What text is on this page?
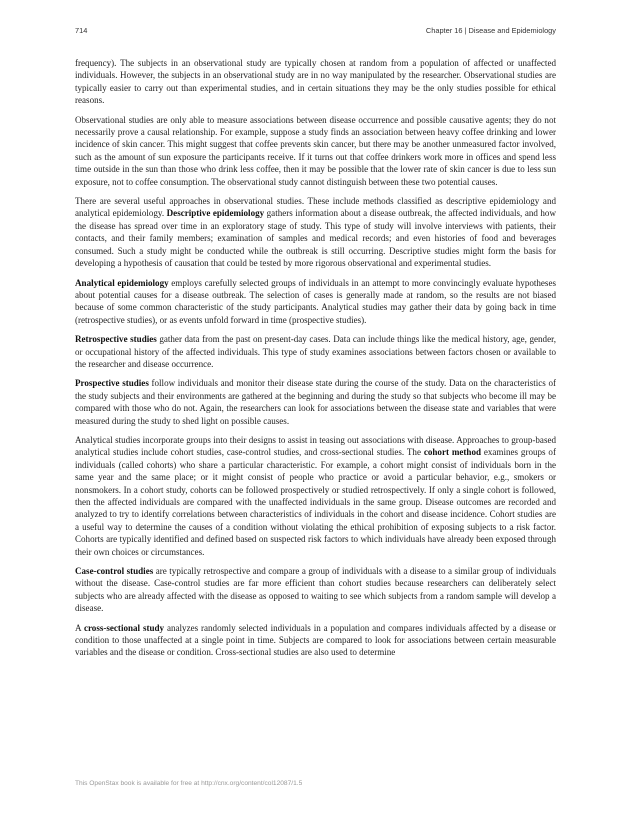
714	Chapter 16 | Disease and Epidemiology

frequency). The subjects in an observational study are typically chosen at random from a population of affected or unaffected individuals. However, the subjects in an observational study are in no way manipulated by the researcher. Observational studies are typically easier to carry out than experimental studies, and in certain situations they may be the only studies possible for ethical reasons.

Observational studies are only able to measure associations between disease occurrence and possible causative agents; they do not necessarily prove a causal relationship. For example, suppose a study finds an association between heavy coffee drinking and lower incidence of skin cancer. This might suggest that coffee prevents skin cancer, but there may be another unmeasured factor involved, such as the amount of sun exposure the participants receive. If it turns out that coffee drinkers work more in offices and spend less time outside in the sun than those who drink less coffee, then it may be possible that the lower rate of skin cancer is due to less sun exposure, not to coffee consumption. The observational study cannot distinguish between these two potential causes.

There are several useful approaches in observational studies. These include methods classified as descriptive epidemiology and analytical epidemiology. Descriptive epidemiology gathers information about a disease outbreak, the affected individuals, and how the disease has spread over time in an exploratory stage of study. This type of study will involve interviews with patients, their contacts, and their family members; examination of samples and medical records; and even histories of food and beverages consumed. Such a study might be conducted while the outbreak is still occurring. Descriptive studies might form the basis for developing a hypothesis of causation that could be tested by more rigorous observational and experimental studies.

Analytical epidemiology employs carefully selected groups of individuals in an attempt to more convincingly evaluate hypotheses about potential causes for a disease outbreak. The selection of cases is generally made at random, so the results are not biased because of some common characteristic of the study participants. Analytical studies may gather their data by going back in time (retrospective studies), or as events unfold forward in time (prospective studies).

Retrospective studies gather data from the past on present-day cases. Data can include things like the medical history, age, gender, or occupational history of the affected individuals. This type of study examines associations between factors chosen or available to the researcher and disease occurrence.

Prospective studies follow individuals and monitor their disease state during the course of the study. Data on the characteristics of the study subjects and their environments are gathered at the beginning and during the study so that subjects who become ill may be compared with those who do not. Again, the researchers can look for associations between the disease state and variables that were measured during the study to shed light on possible causes.

Analytical studies incorporate groups into their designs to assist in teasing out associations with disease. Approaches to group-based analytical studies include cohort studies, case-control studies, and cross-sectional studies. The cohort method examines groups of individuals (called cohorts) who share a particular characteristic. For example, a cohort might consist of individuals born in the same year and the same place; or it might consist of people who practice or avoid a particular behavior, e.g., smokers or nonsmokers. In a cohort study, cohorts can be followed prospectively or studied retrospectively. If only a single cohort is followed, then the affected individuals are compared with the unaffected individuals in the same group. Disease outcomes are recorded and analyzed to try to identify correlations between characteristics of individuals in the cohort and disease incidence. Cohort studies are a useful way to determine the causes of a condition without violating the ethical prohibition of exposing subjects to a risk factor. Cohorts are typically identified and defined based on suspected risk factors to which individuals have already been exposed through their own choices or circumstances.

Case-control studies are typically retrospective and compare a group of individuals with a disease to a similar group of individuals without the disease. Case-control studies are far more efficient than cohort studies because researchers can deliberately select subjects who are already affected with the disease as opposed to waiting to see which subjects from a random sample will develop a disease.

A cross-sectional study analyzes randomly selected individuals in a population and compares individuals affected by a disease or condition to those unaffected at a single point in time. Subjects are compared to look for associations between certain measurable variables and the disease or condition. Cross-sectional studies are also used to determine

This OpenStax book is available for free at http://cnx.org/content/col12087/1.5
